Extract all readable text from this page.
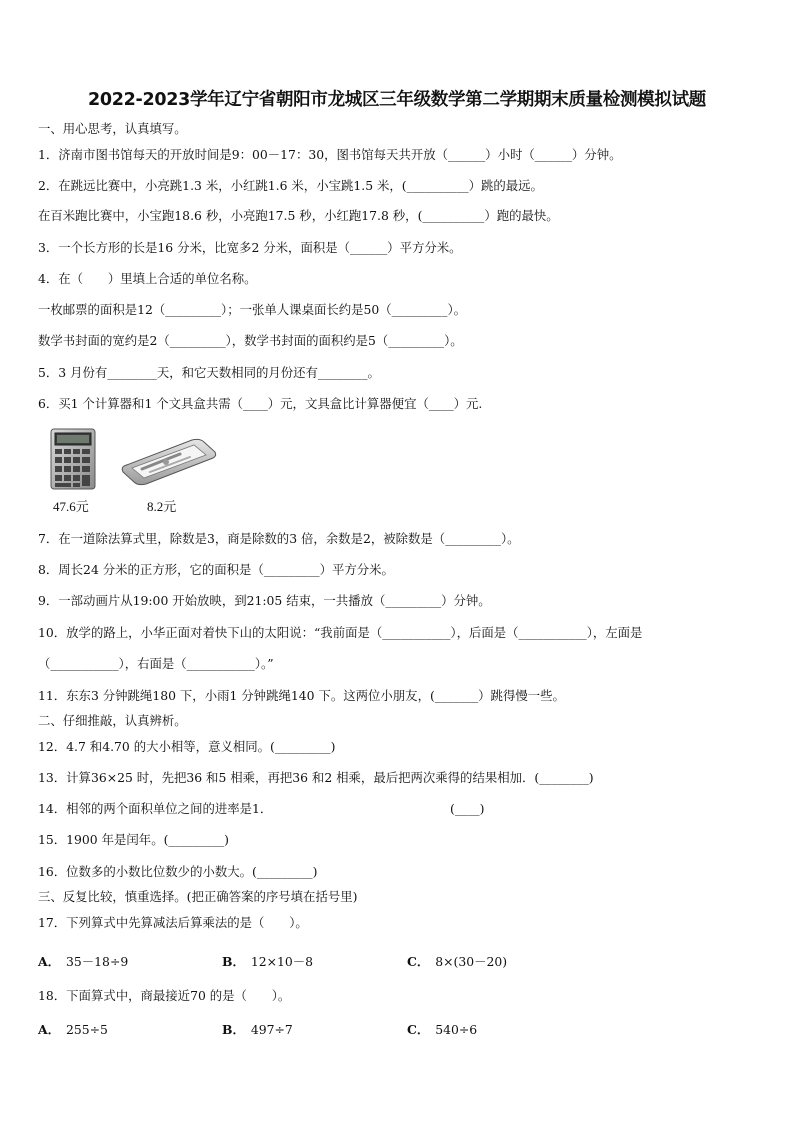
2022-2023学年辽宁省朝阳市龙城区三年级数学第二学期期末质量检测模拟试题
一、用心思考，认真填写。
1．济南市图书馆每天的开放时间是9：00－17：30，图书馆每天共开放（______）小时（______）分钟。
2．在跳远比赛中，小亮跳1.3 米，小红跳1.6 米，小宝跳1.5 米，(__________）跳的最远。
在百米跑比赛中，小宝跑18.6 秒，小亮跑17.5 秒，小红跑17.8 秒，(__________）跑的最快。
3．一个长方形的长是16 分米，比宽多2 分米，面积是（______）平方分米。
4．在（　　）里填上合适的单位名称。
一枚邮票的面积是12（_________）；一张单人课桌面长约是50（_________）。
数学书封面的宽约是2（_________），数学书封面的面积约是5（_________）。
5．3 月份有________天，和它天数相同的月份还有________。
6．买1 个计算器和1 个文具盒共需（____）元，文具盒比计算器便宜（____）元.
47.6元	8.2元
7．在一道除法算式里，除数是3，商是除数的3 倍，余数是2，被除数是（_________）。
8．周长24 分米的正方形，它的面积是（_________）平方分米。
9．一部动画片从19:00 开始放映，到21:05 结束，一共播放（_________）分钟。
10．放学的路上，小华正面对着快下山的太阳说：“我前面是（___________），后面是（___________），左面是
（___________），右面是（___________）。”
11．东东3 分钟跳绳180 下，小雨1 分钟跳绳140 下。这两位小朋友，(_______）跳得慢一些。
二、仔细推敲，认真辨析。
12．4.7 和4.70 的大小相等，意义相同。(_________)
13．计算36×25 时，先把36 和5 相乘，再把36 和2 相乘，最后把两次乘得的结果相加．(________)
14．相邻的两个面积单位之间的进率是1．	(____)
15．1900 年是闰年。(_________)
16．位数多的小数比位数少的小数大。(_________)
三、反复比较，慎重选择。(把正确答案的序号填在括号里)
17．下列算式中先算减法后算乘法的是（　　）。
A． 35－18÷9	B． 12×10－8	C． 8×(30－20)
18．下面算式中，商最接近70 的是（　　）。
A． 255÷5	B． 497÷7	C． 540÷6
